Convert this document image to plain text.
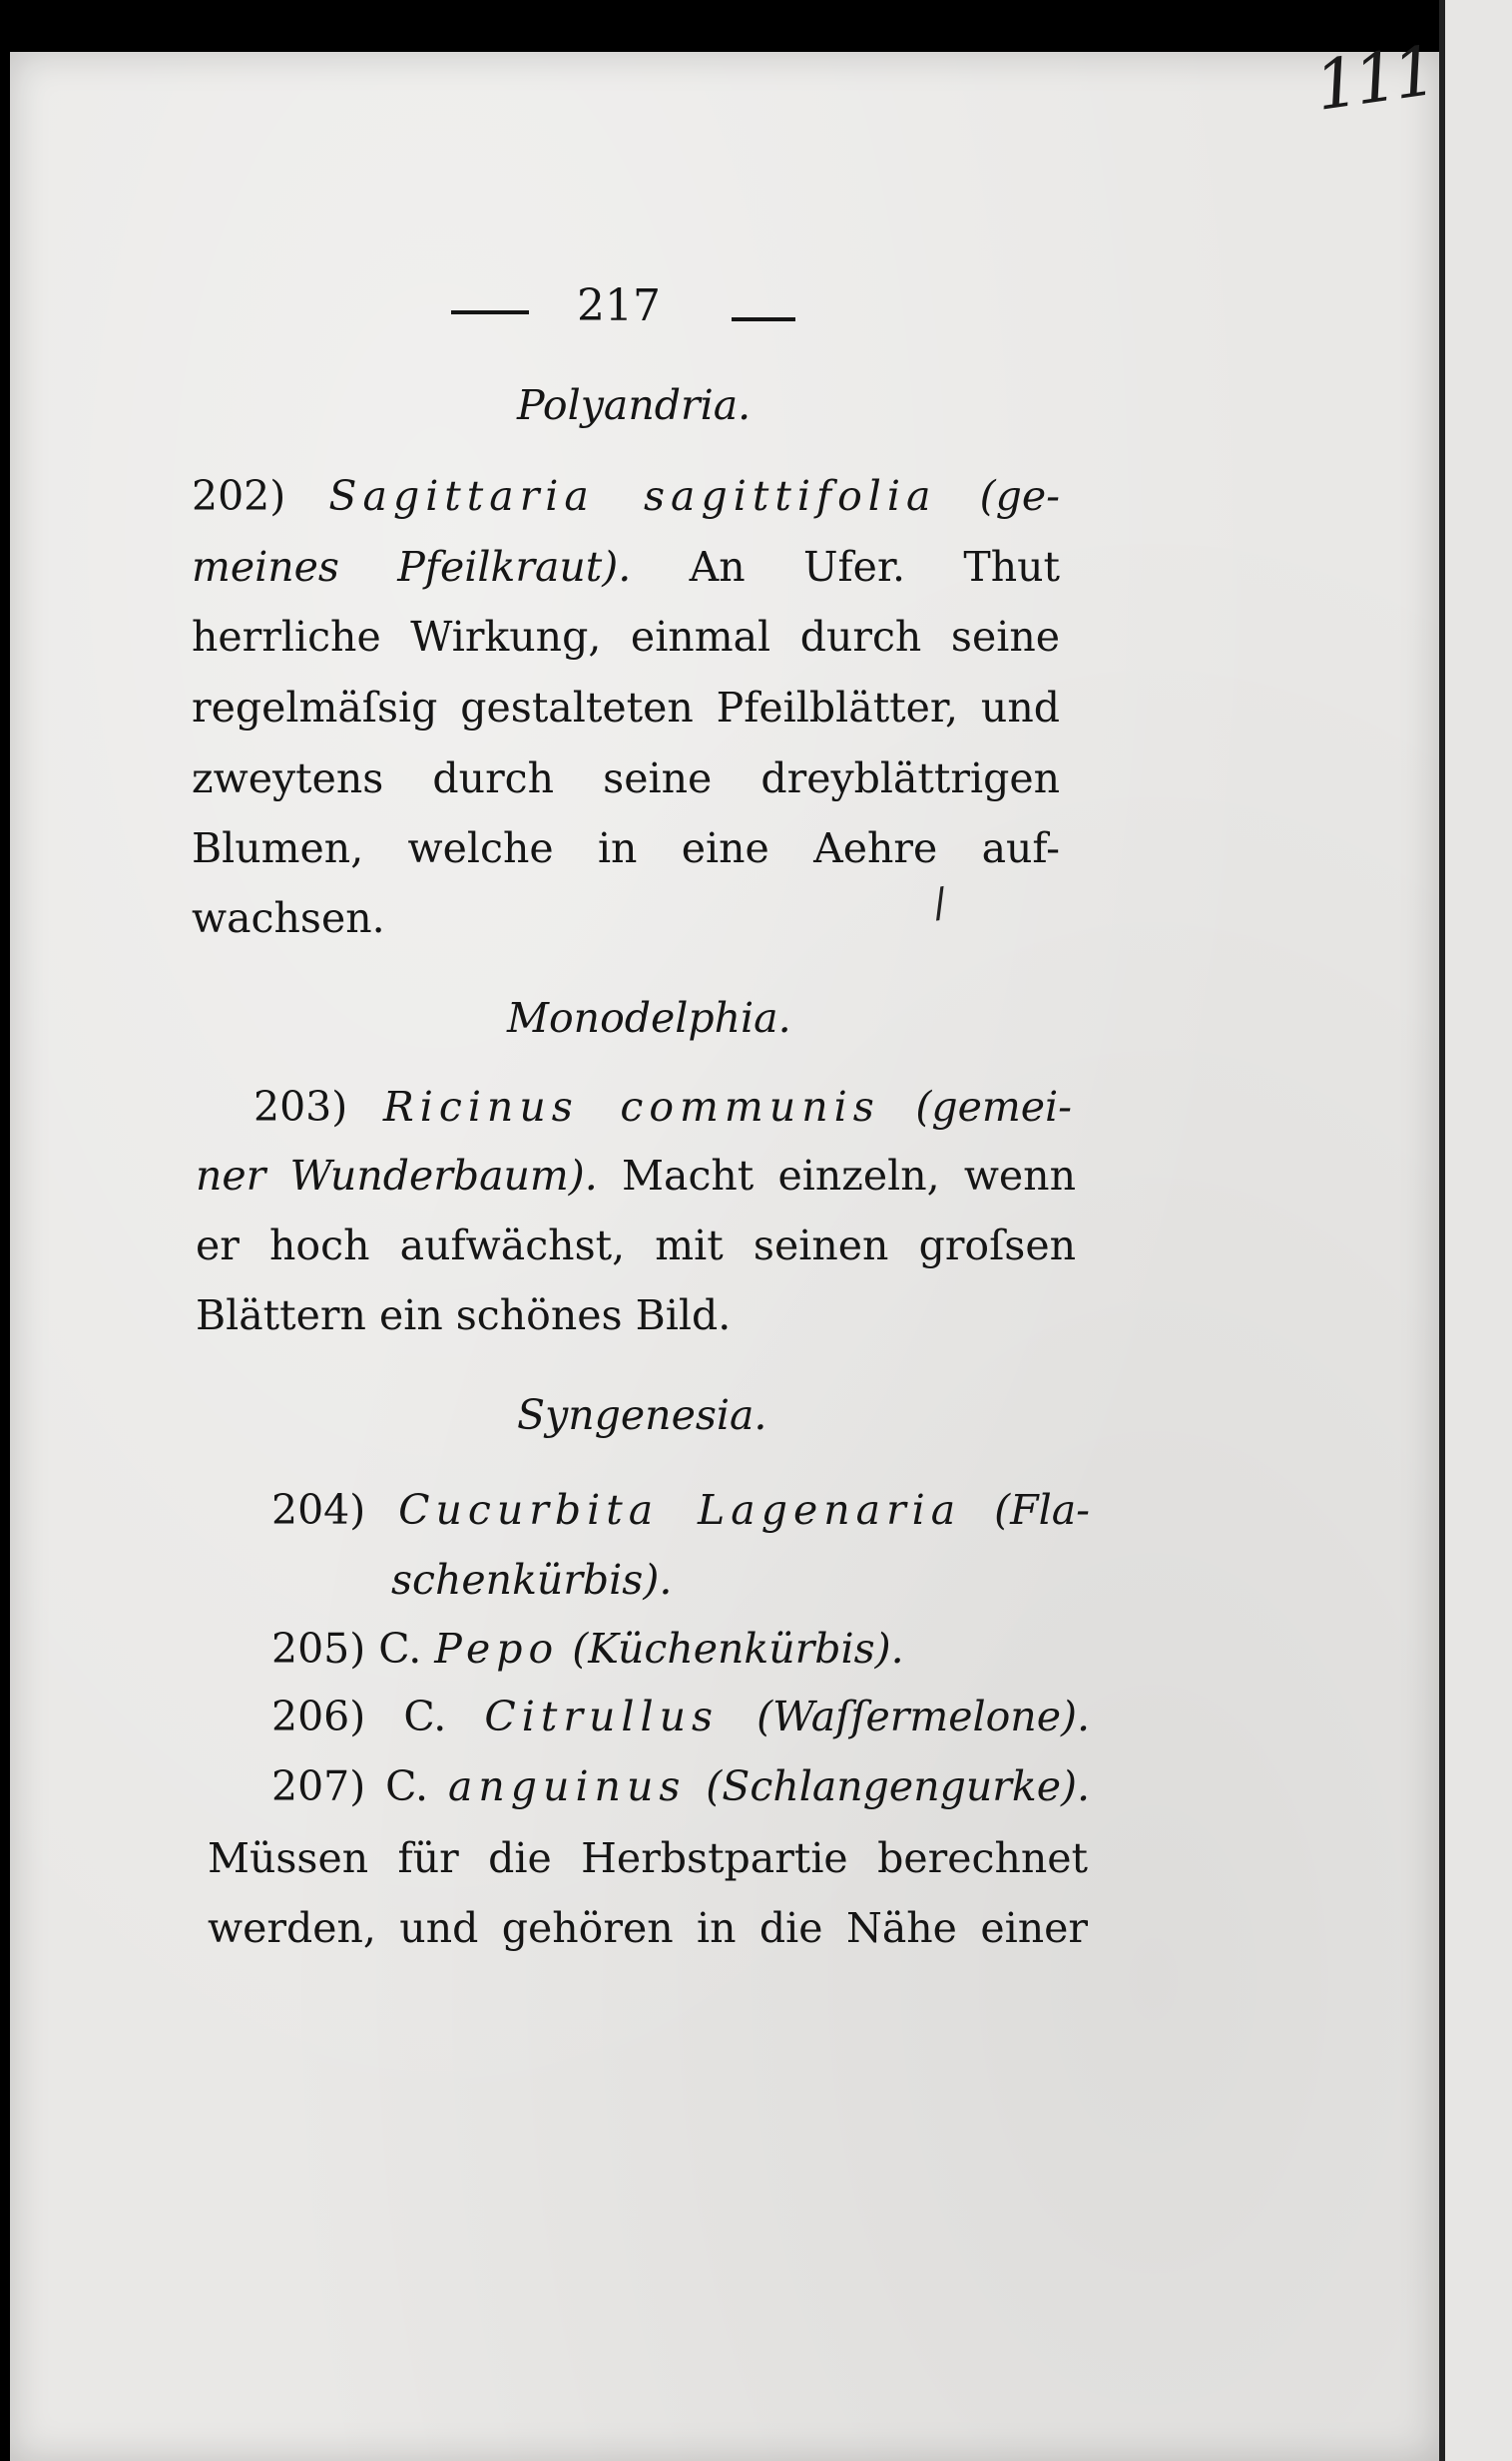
111
217
/
Polyandria.
202) Sagittaria sagittifolia (ge-
meines Pfeilkraut). An Ufer. Thut
herrliche Wirkung, einmal durch seine
regelmäſsig gestalteten Pfeilblätter, und
zweytens durch seine dreyblättrigen
Blumen, welche in eine Aehre auf-
wachsen.
Monodelphia.
203) Ricinus communis (gemei-
ner Wunderbaum). Macht einzeln, wenn
er hoch aufwächst, mit seinen groſsen
Blättern ein schönes Bild.
Syngenesia.
204) Cucurbita Lagenaria (Fla-
schenkürbis).
205) C. Pepo (Küchenkürbis).
206) C. Citrullus (Waſſermelone).
207) C. anguinus (Schlangengurke).
Müssen für die Herbstpartie berechnet
werden, und gehören in die Nähe einer
